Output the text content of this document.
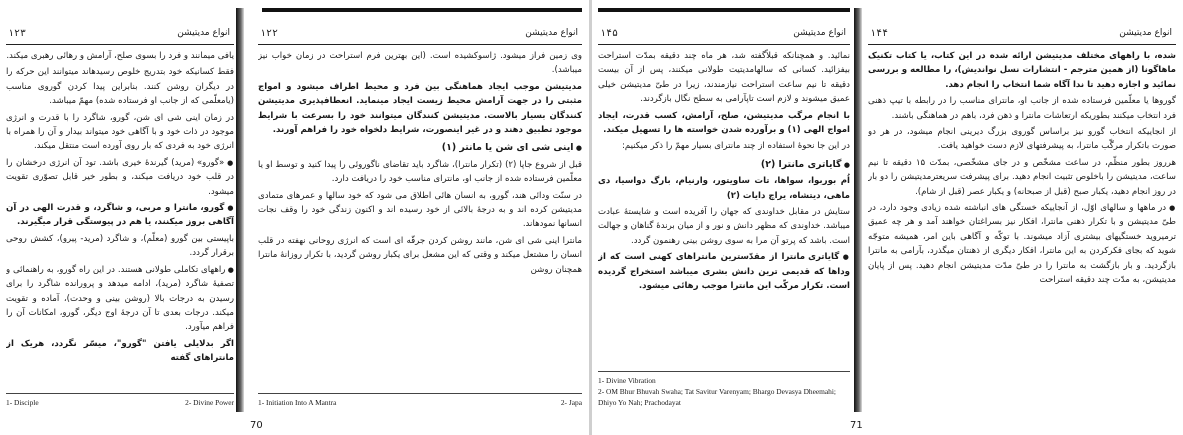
۱۲۳	انواع مدیتیشن

یافی میمانند و فرد را بسوی صلح، آرامش و رهائی رهبری میکند.

فقط کسانیکه خود بتدریج خلوص رسیدهاند میتوانند این حرکه را در دیگران روشن کنند. بنابراین پیدا کردن گوروی مناسب (یامعلّمی که از جانب او فرستاده شده) مهمّ میباشد.

در زمان اینی شی ای شن، گورو، شاگرد را با قدرت و انرژی موجود در ذات خود و با آگاهی خود میتواند بیدار و آن را همراه با انرژی خود به فردی که بار روی آورده است منتقل میکند.

● «گورو» (مرید) گیرندهٔ خیری باشد. تود آن انرژی درخشان را در قلب خود دریافت میکند، و بطور خیر قابل تصوّری تقویت میشود.

● گورو، مانترا و مربی، و شاگرد، و قدرت الهی در آن آگاهی بروز میکنند، یا هم در پیوستگی قرار میگیرند.

باپیستی بین گورو (معلّم)، و شاگرد (مرید- پیرو)، کشش روحی برقرار گردد.

● راههای تکاملی طولانی هستند. در این راه گورو، به راهنمائی و تصفیهٔ شاگرد (مرید)، ادامه میدهد و پرورانده شاگرد را برای رسیدن به درجات بالا (روشن بینی و وحدت)، آماده و تقویت میکند. درجات بعدی تا آن درجهٔ اوج دیگر، گورو، امکانات آن را فراهم میآورد.

اگر بدلایلی یافتن "گورو"، میسّر نگردد، هریک از مانتراهای گفته

1- Disciple	2- Divine Power
۱۲۲	انواع مدیتیشن

وی زمین فراز میشود. ژاسوکشیده است. (این بهترین فرم استراحت در زمان خواب نیز میباشد).

مدیتیشن موجب ایجاد هماهنگی بین فرد و محیط اطراف میشود و امواج مثبتی را در جهت آرامش محیط زیست ایجاد مینماید. انعطافپذیری مدیتیشن کنندگان بسیار بالاست. مدیتیشن کنندگان میتوانند خود را بسرعت با شرایط موجود تطبیق دهند و در غیر اینصورت، شرایط دلخواه خود را فراهم آورند.

● اینی شی ای شن یا مانتر (۱)

قبل از شروع جاپا (۲) (تکرار مانترا)، شاگرد باید تقاضای ناگوروئی را پیدا کنید و توسط او یا معلّمین فرستاده شده از جانب او، مانترای مناسب خود را دریافت دارد.

در سنّت ودائی هند، گورو، به انسان هائی اطلاق می شود که خود سالها و عمرهای متمادی مدیتیشن کرده اند و به درجهٔ بالائی از خود رسیده اند و اکنون زندگی خود را وقف نجات انسانها نمودهاند.

مانترا اینی شی ای شن، مانند روشن کردن جرقّه ای است که انرژی روحانی نهفته در قلب انسان را مشتعل میکند و وقتی که این مشعل برای یکبار روشن گردید، با تکرار روزانهٔ مانترا همچنان روشن

1- Initiation Into A Mantra	2- Japa
70
۱۴۵	انواع مدیتیشن

نمائید. و همچنانکه قبلاًگفته شد، هر ماه چند دقیقه بمدّت استراحت بیفزائید. کسانی که سالهامدیتیت طولانی میکنند، پس از آن بیست دقیقه تا نیم ساعت استراحت نیازمندند، زیرا در طیّ مدیتیشن خیلی عمیق میشوند و لازم است تاپآرامی به سطح نگال بازگردند.

با انجام مرگب مدیتیشن، صلح، آرامش، کسب قدرت، ایجاد امواج الهی (۱) و برآورده شدن خواسته ها را تسهیل میکند.

در این جا نحوهٔ استفاده از چند مانترای بسیار مهمّ را ذکر میکنیم:

● گایاتری مانترا (۲)

اُم بوربوا، سواها، تات ساویتور، وارنیام، بارگ دواسیا، دی ماهی، دیتشاه، یراچ دایات (۲)

ستایش در مقابل خداوندی که جهان را آفریده است و شایستهٔ عبادت میباشد. خداوندی که مظهر دانش و نور و از میان برندهٔ گناهان و جهالت است. باشد که پرتو آن مرا به سوی روشن بینی رهنمون گردد.

● گایاتری مانترا از مقدّسترین مانتراهای کهنی است که از وداها که قدیمی ترین دانش بشری میباشد استخراج گردیده است. تکرار مرکّب این مانترا موجب رهائی میشود.

1- Divine Vibration
2- OM Bhur Bhuvah Swaha; Tat Savitur Varenyam; Bhargo Devasya Dheemahi; Dhiyo Yo Nah; Prachodayat
۱۴۴	انواع مدیتیشن

شده، با راههای مختلف مدیتیشن ارائه شده در این کتاب، یا کتاب تکنیک ماهاگونا (از همین مترجم - انتشارات نسل نواندیش)، را مطالعه و بررسی نمائید و اجازه دهید تا ندا آگاه شما انتخاب را انجام دهد.

گوروها یا معلّمین فرستاده شده از جانب او، مانترای مناسب را در رابطه با تیپ ذهنی فرد انتخاب میکنند بطوریکه ارتعاشات مانترا و ذهن فرد، باهم در هماهنگی باشند.

از انجاییکه انتخاب گورو نیز براساس گوروی بزرگ دیرینی انجام میشود، در هر دو صورت باتکرار مرگّب مانترا، به پیشرفتهای لازم دست خواهید یافت.

هرروز بطور منظّم، در ساعت مشخّص و در جای مشخّصی، بمدّت ۱۵ دقیقه تا نیم ساعت، مدیتیشن را باخلوص تثبیت انجام دهید. برای پیشرفت سریعترمدیتیشن را دو بار در روز انجام دهید، یکبار صبح (قبل از صبحانه) و یکبار عصر (قبل از شام).

● در ماهها و سالهای اوّل، از آنجاییکه خستگی های انباشته شده زیادی وجود دارد، در طیّ مدیتیشن و با تکرار ذهنی مانترا، افکار نیز بسراغتان خواهند آمد و هر چه عمیق ترمیروید خستگیهای بیشتری آزاد میشوند. با توکّه و آگاهی باین امر، همیشه متوجّه شوید که بجای فکرکردن به این مانترا، افکار دیگری از ذهنتان میگذرد، بآرامی به مانترا بازگردید. و بار بازگشت به مانترا را در طیّ مدّت مدیتیشن انجام دهید. پس از پایان مدیتیشن، به مدّت چند دقیقه استراحت

71
